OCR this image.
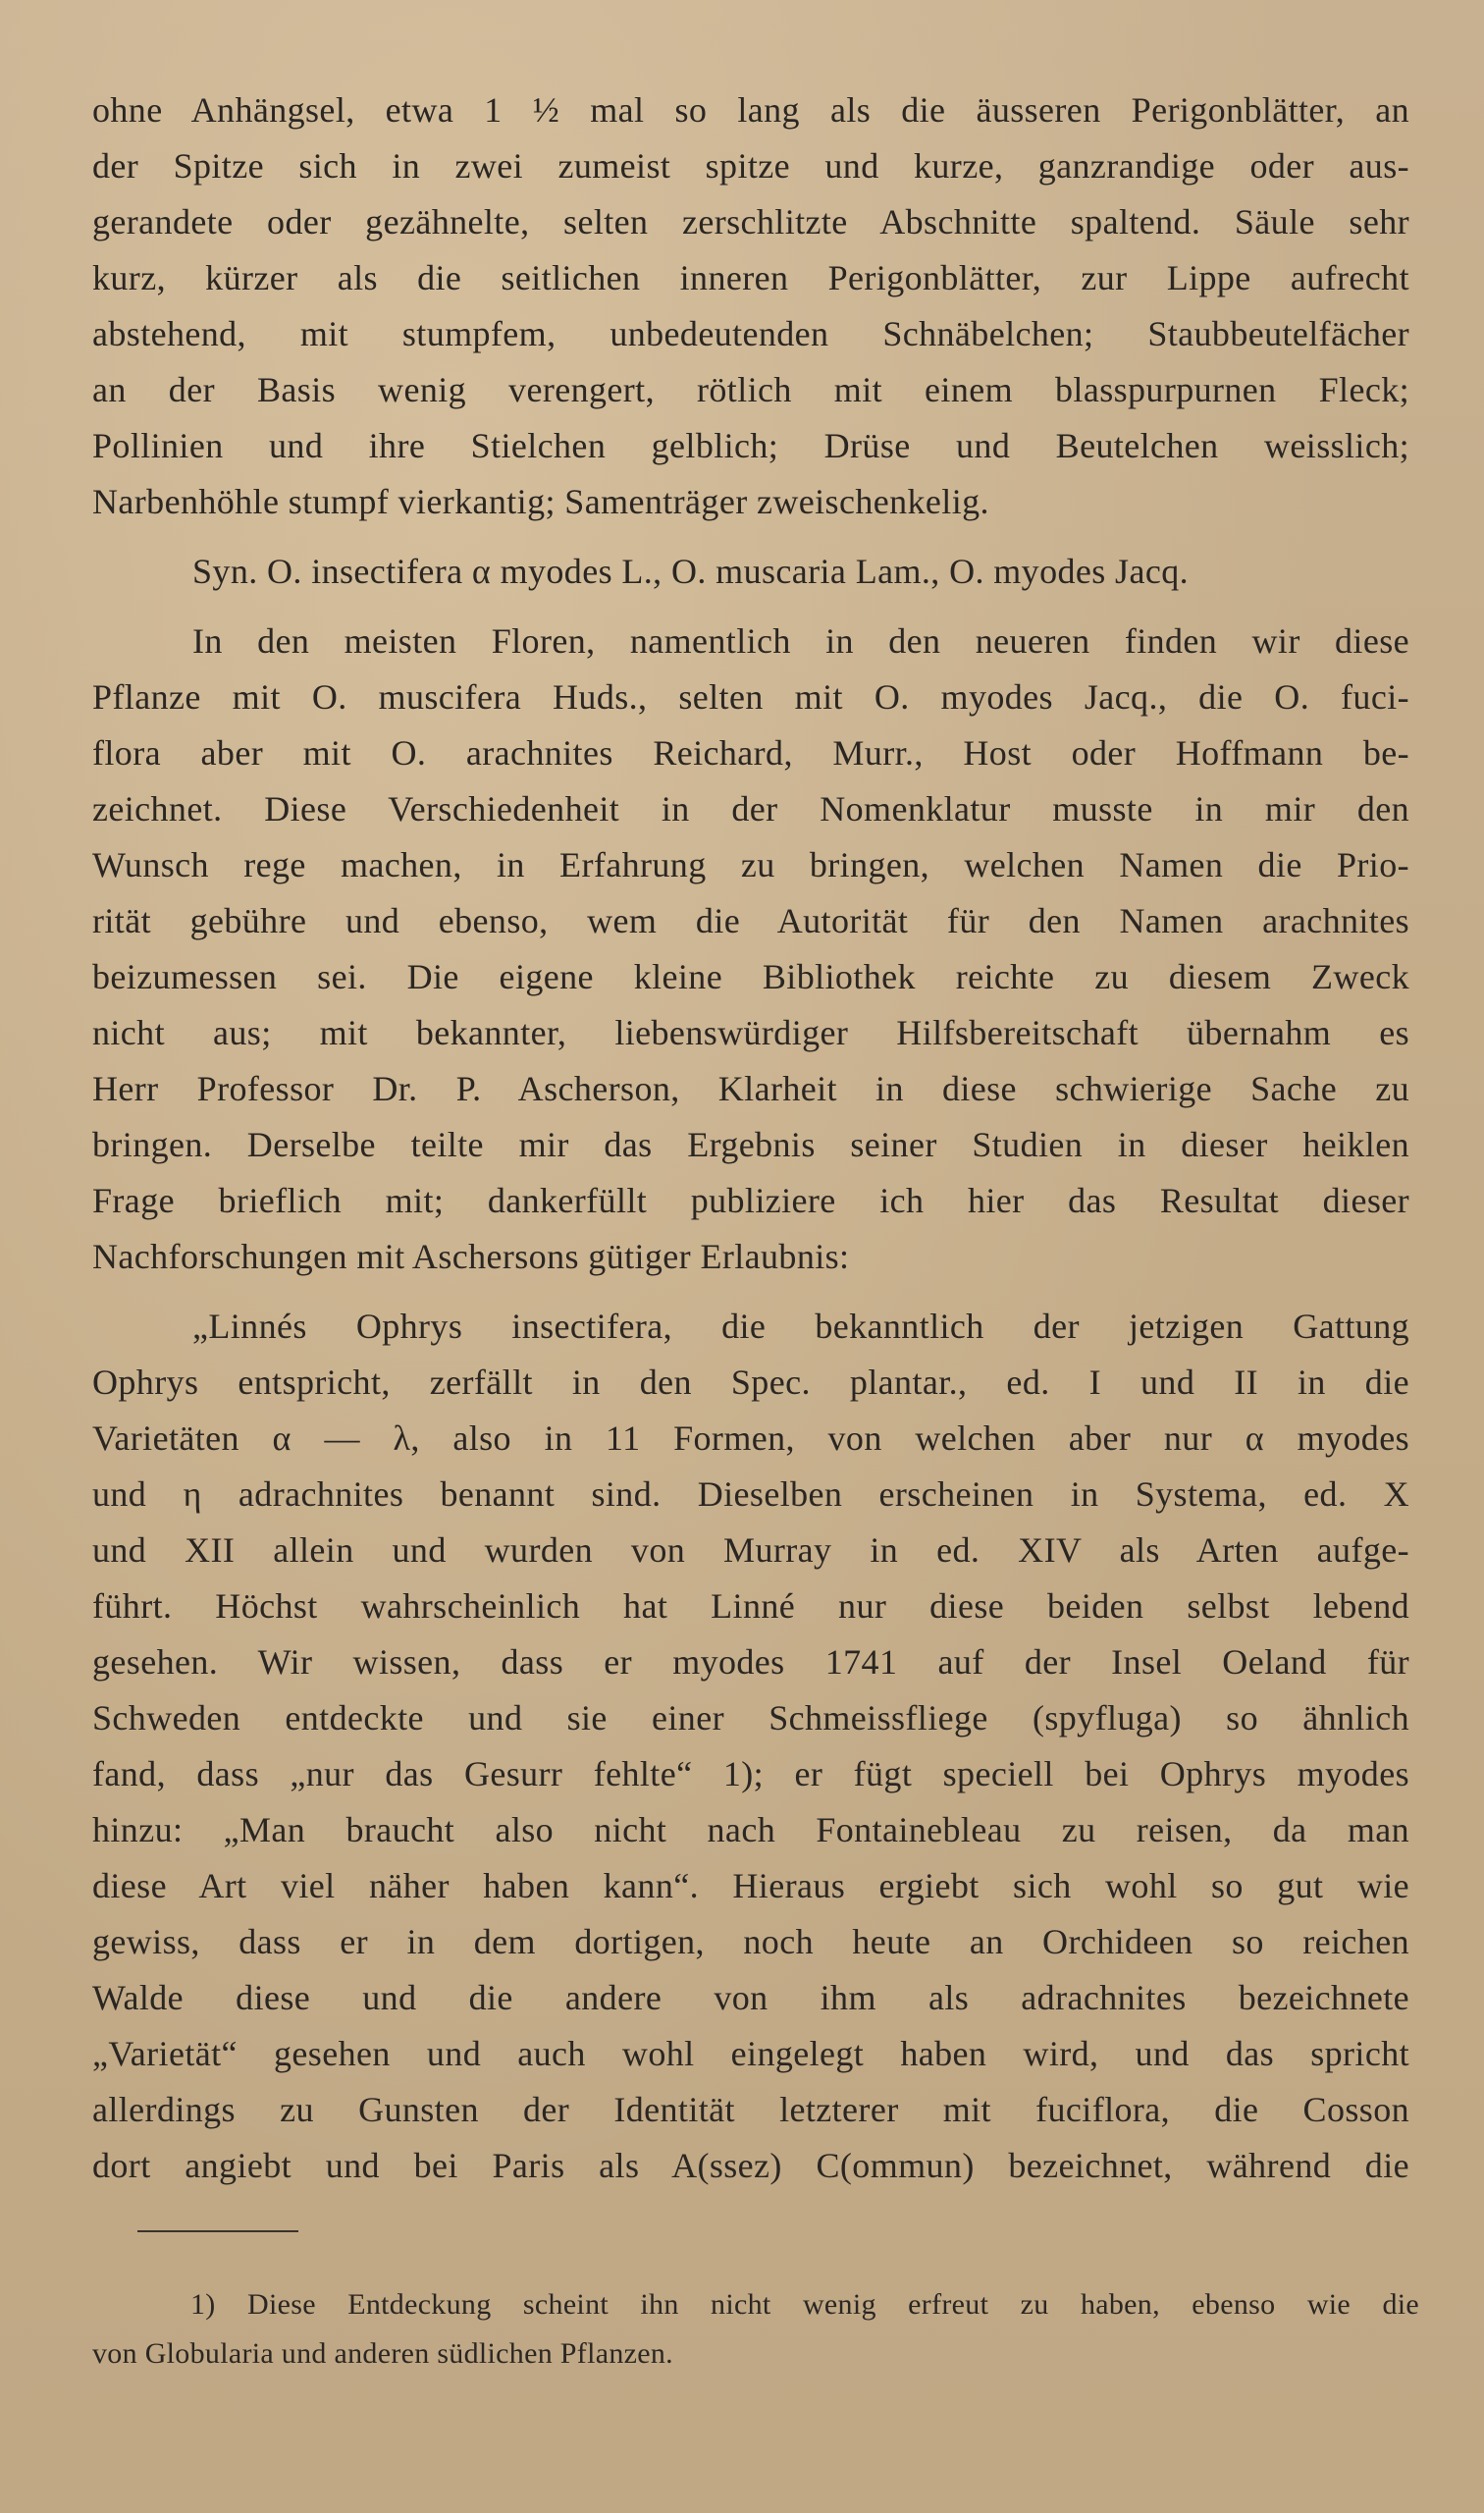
ohne Anhängsel, etwa 1 ½ mal so lang als die äusseren Perigonblätter, an
der Spitze sich in zwei zumeist spitze und kurze, ganzrandige oder aus-
gerandete oder gezähnelte, selten zerschlitzte Abschnitte spaltend. Säule sehr
kurz, kürzer als die seitlichen inneren Perigonblätter, zur Lippe aufrecht
abstehend, mit stumpfem, unbedeutenden Schnäbelchen; Staubbeutelfächer
an der Basis wenig verengert, rötlich mit einem blasspurpurnen Fleck;
Pollinien und ihre Stielchen gelblich; Drüse und Beutelchen weisslich;
Narbenhöhle stumpf vierkantig; Samenträger zweischenkelig.
Syn. O. insectifera α myodes L., O. muscaria Lam., O. myodes Jacq.
In den meisten Floren, namentlich in den neueren finden wir diese
Pflanze mit O. muscifera Huds., selten mit O. myodes Jacq., die O. fuci-
flora aber mit O. arachnites Reichard, Murr., Host oder Hoffmann be-
zeichnet. Diese Verschiedenheit in der Nomenklatur musste in mir den
Wunsch rege machen, in Erfahrung zu bringen, welchen Namen die Prio-
rität gebühre und ebenso, wem die Autorität für den Namen arachnites
beizumessen sei. Die eigene kleine Bibliothek reichte zu diesem Zweck
nicht aus; mit bekannter, liebenswürdiger Hilfsbereitschaft übernahm es
Herr Professor Dr. P. Ascherson, Klarheit in diese schwierige Sache zu
bringen. Derselbe teilte mir das Ergebnis seiner Studien in dieser heiklen
Frage brieflich mit; dankerfüllt publiziere ich hier das Resultat dieser
Nachforschungen mit Aschersons gütiger Erlaubnis:
„Linnés Ophrys insectifera, die bekanntlich der jetzigen Gattung
Ophrys entspricht, zerfällt in den Spec. plantar., ed. I und II in die
Varietäten α — λ, also in 11 Formen, von welchen aber nur α myodes
und η adrachnites benannt sind. Dieselben erscheinen in Systema, ed. X
und XII allein und wurden von Murray in ed. XIV als Arten aufge-
führt. Höchst wahrscheinlich hat Linné nur diese beiden selbst lebend
gesehen. Wir wissen, dass er myodes 1741 auf der Insel Oeland für
Schweden entdeckte und sie einer Schmeissfliege (spyfluga) so ähnlich
fand, dass „nur das Gesurr fehlte“ 1); er fügt speciell bei Ophrys myodes
hinzu: „Man braucht also nicht nach Fontainebleau zu reisen, da man
diese Art viel näher haben kann“. Hieraus ergiebt sich wohl so gut wie
gewiss, dass er in dem dortigen, noch heute an Orchideen so reichen
Walde diese und die andere von ihm als adrachnites bezeichnete
„Varietät“ gesehen und auch wohl eingelegt haben wird, und das spricht
allerdings zu Gunsten der Identität letzterer mit fuciflora, die Cosson
dort angiebt und bei Paris als A(ssez) C(ommun) bezeichnet, während die
1) Diese Entdeckung scheint ihn nicht wenig erfreut zu haben, ebenso wie die
von Globularia und anderen südlichen Pflanzen.
